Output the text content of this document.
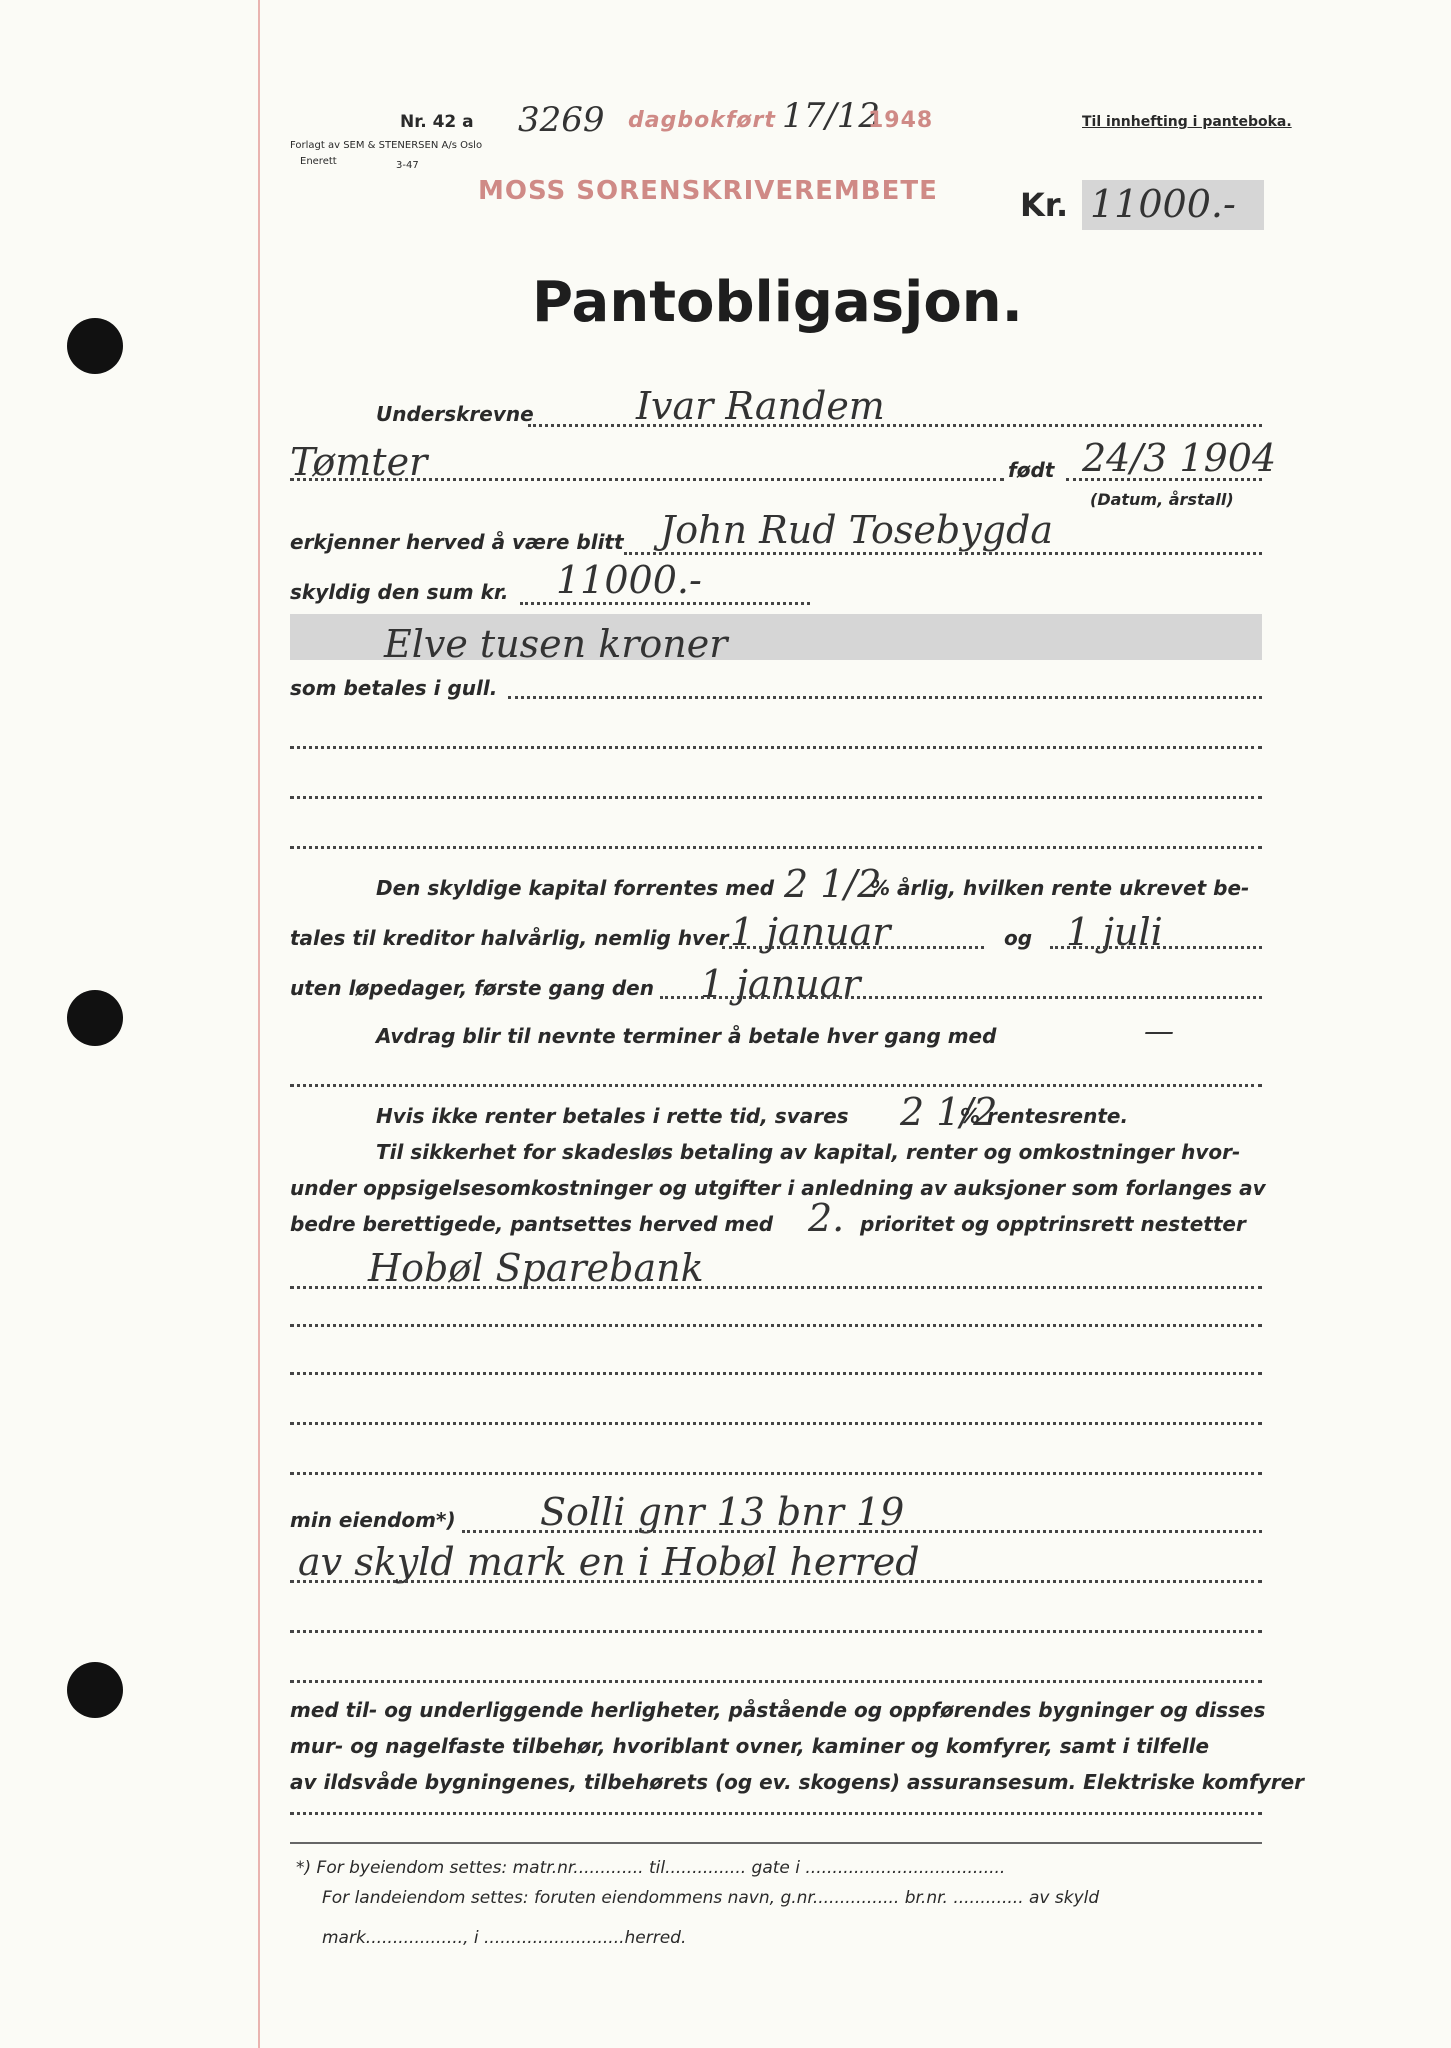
Nr. 42 a
Forlagt av SEM & STENERSEN A/s Oslo
Enerett	3-47
3269 dagbokført 17/12
1948
MOSS SORENSKRIVEREMBETE
Til innhefting i panteboka.
Kr. 11000.-
Pantobligasjon.
Underskrevne	Ivar Randem
Tømter	født 24/3 1904
(Datum, årstall)
erkjenner herved å være blitt John Rud Tosebygda
skyldig den sum kr. 11000.-
Elve tusen kroner
som betales i gull.
Den skyldige kapital forrentes med 2 1/2
% årlig, hvilken rente ukrevet be-
tales til kreditor halvårlig, nemlig hver 1 januar	og 1 juli
uten løpedager, første gang den 1 januar
Avdrag blir til nevnte terminer å betale hver gang med	—
Hvis ikke renter betales i rette tid, svares 2 1/2
% rentesrente.
Til sikkerhet for skadesløs betaling av kapital, renter og omkostninger hvor-
under oppsigelsesomkostninger og utgifter i anledning av auksjoner som forlanges av
bedre berettigede, pantsettes herved med 2. prioritet og opptrinsrett nestetter
Hobøl Sparebank
min eiendom*) Solli gnr 13 bnr 19
av skyld mark en i Hobøl herred
med til- og underliggende herligheter, påstående og oppførendes bygninger og disses
mur- og nagelfaste tilbehør, hvoriblant ovner, kaminer og komfyrer, samt i tilfelle
av ildsvåde bygningenes, tilbehørets (og ev. skogens) assuransesum. Elektriske komfyrer
*) For byeiendom settes: matr.nr............. til............... gate i .....................................
For landeiendom settes: foruten eiendommens navn, g.nr................ br.nr. ............. av skyld
mark.................., i ..........................herred.
